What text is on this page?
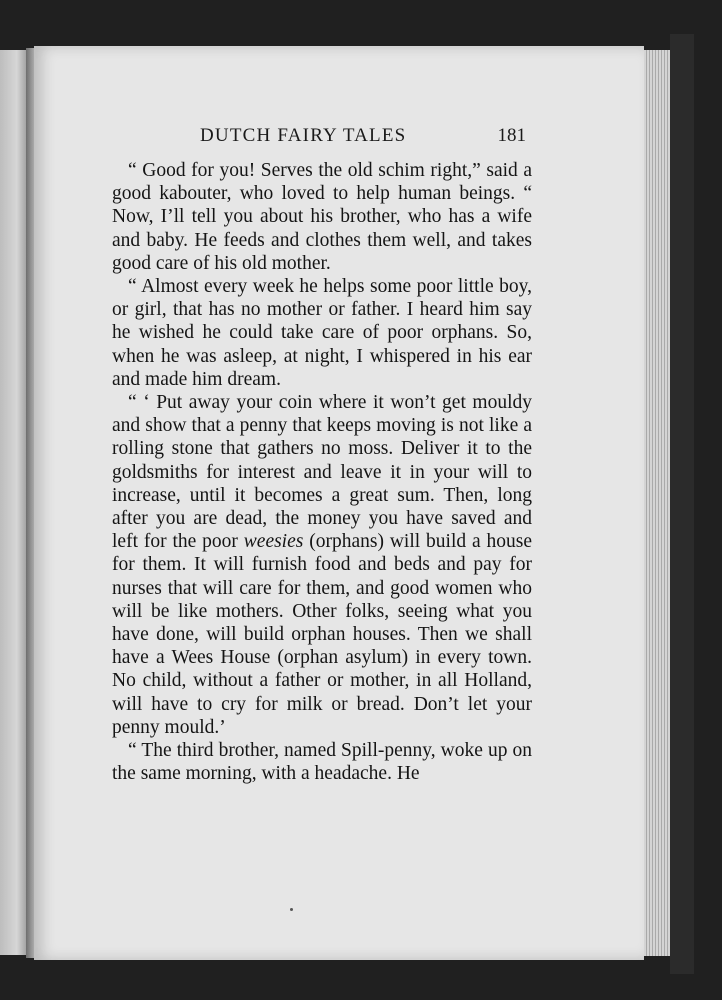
DUTCH FAIRY TALES	181

“ Good for you! Serves the old schim right,” said a good kabouter, who loved to help human beings. “ Now, I’ll tell you about his brother, who has a wife and baby. He feeds and clothes them well, and takes good care of his old mother.

“ Almost every week he helps some poor little boy, or girl, that has no mother or father. I heard him say he wished he could take care of poor orphans. So, when he was asleep, at night, I whispered in his ear and made him dream.

“ ‘ Put away your coin where it won’t get mouldy and show that a penny that keeps moving is not like a rolling stone that gathers no moss. Deliver it to the goldsmiths for interest and leave it in your will to increase, until it becomes a great sum. Then, long after you are dead, the money you have saved and left for the poor weesies (orphans) will build a house for them. It will furnish food and beds and pay for nurses that will care for them, and good women who will be like mothers. Other folks, seeing what you have done, will build orphan houses. Then we shall have a Wees House (orphan asylum) in every town. No child, without a father or mother, in all Holland, will have to cry for milk or bread. Don’t let your penny mould.’

“ The third brother, named Spill-penny, woke up on the same morning, with a headache. He
